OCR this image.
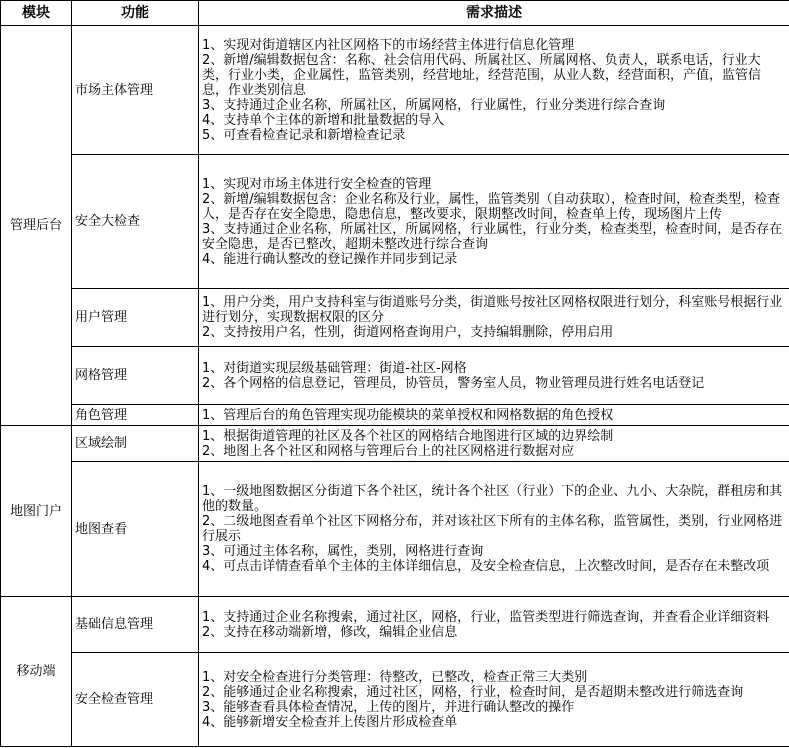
模块	功能	需求描述
管理后台	市场主体管理	1、实现对街道辖区内社区网格下的市场经营主体进行信息化管理
2、新增/编辑数据包含：名称、社会信用代码、所属社区、所属网格、负责人，联系电话，行业大类，行业小类，企业属性，监管类别，经营地址，经营范围，从业人数，经营面积，产值，监管信息，作业类别信息
3、支持通过企业名称，所属社区，所属网格，行业属性，行业分类进行综合查询
4、支持单个主体的新增和批量数据的导入
5、可查看检查记录和新增检查记录

	安全大检查	1、实现对市场主体进行安全检查的管理
2、新增/编辑数据包含：企业名称及行业，属性，监管类别（自动获取），检查时间，检查类型，检查人，是否存在安全隐患，隐患信息，整改要求，限期整改时间，检查单上传，现场图片上传
3、支持通过企业名称，所属社区，所属网格，行业属性，行业分类，检查类型，检查时间，是否存在安全隐患，是否已整改，超期未整改进行综合查询
4、能进行确认整改的登记操作并同步到记录

	用户管理	1、用户分类，用户支持科室与街道账号分类，街道账号按社区网格权限进行划分，科室账号根据行业进行划分，实现数据权限的区分
2、支持按用户名，性别，街道网格查询用户，支持编辑删除，停用启用

	网格管理	1、对街道实现层级基础管理：街道-社区-网格
2、各个网格的信息登记，管理员，协管员，警务室人员，物业管理员进行姓名电话登记

	角色管理	1、管理后台的角色管理实现功能模块的菜单授权和网格数据的角色授权

地图门户	区域绘制	1、根据街道管理的社区及各个社区的网格结合地图进行区域的边界绘制
2、地图上各个社区和网格与管理后台上的社区网格进行数据对应

	地图查看	1、一级地图数据区分街道下各个社区，统计各个社区（行业）下的企业、九小、大杂院，群租房和其他的数量。
2、二级地图查看单个社区下网格分布，并对该社区下所有的主体名称，监管属性，类别，行业网格进行展示
3、可通过主体名称，属性，类别，网格进行查询
4、可点击详情查看单个主体的主体详细信息，及安全检查信息，上次整改时间，是否存在未整改项

移动端	基础信息管理	1、支持通过企业名称搜索，通过社区，网格，行业，监管类型进行筛选查询，并查看企业详细资料
2、支持在移动端新增，修改，编辑企业信息

	安全检查管理	1、对安全检查进行分类管理：待整改，已整改，检查正常三大类别
2、能够通过企业名称搜索，通过社区，网格，行业，检查时间，是否超期未整改进行筛选查询
3、能够查看具体检查情况，上传的图片，并进行确认整改的操作
4、能够新增安全检查并上传图片形成检查单
